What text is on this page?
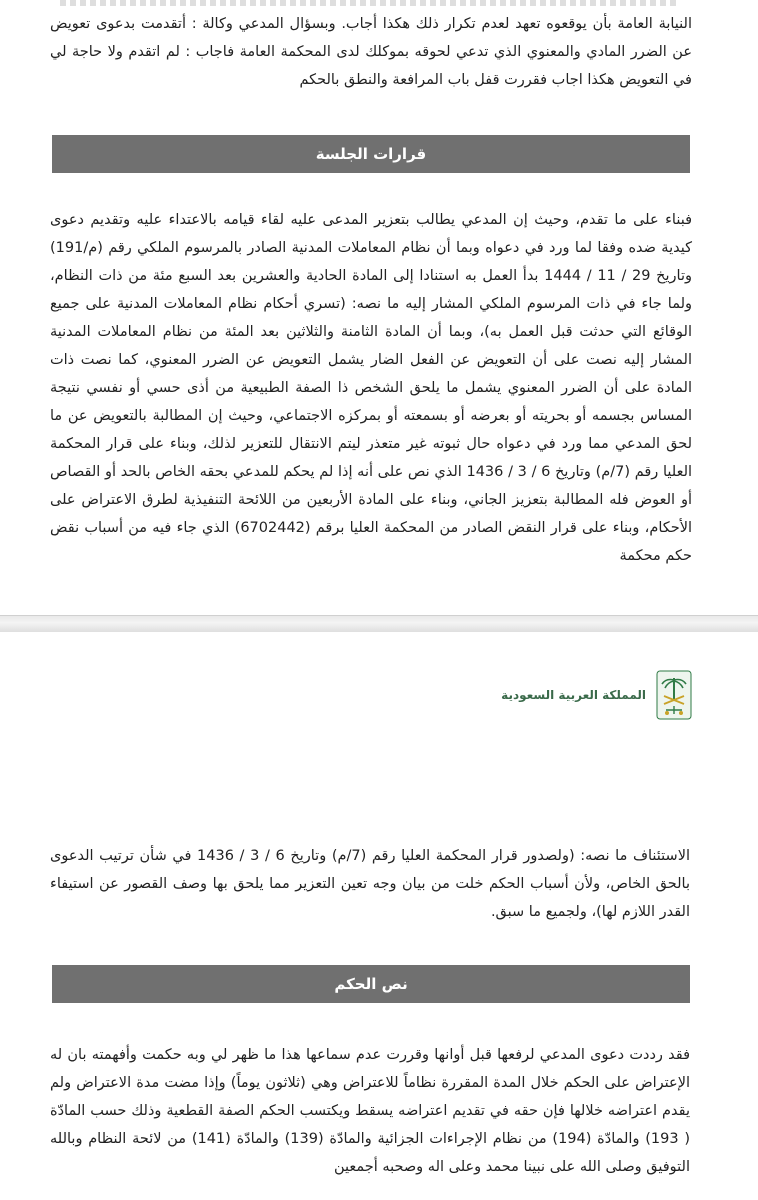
النيابة العامة بأن يوقعوه تعهد لعدم تكرار ذلك هكذا أجاب. وبسؤال المدعي وكالة : أتقدمت بدعوى تعويض عن الضرر المادي والمعنوي الذي تدعي لحوقه بموكلك لدى المحكمة العامة فاجاب : لم اتقدم ولا حاجة لي في التعويض هكذا اجاب فقررت قفل باب المرافعة والنطق بالحكم

قرارات الجلسة

فبناء على ما تقدم، وحيث إن المدعي يطالب بتعزير المدعى عليه لقاء قيامه بالاعتداء عليه وتقديم دعوى كيدية ضده وفقا لما ورد في دعواه وبما أن نظام المعاملات المدنية الصادر بالمرسوم الملكي رقم (م/191) وتاريخ 29 / 11 / 1444 بدأ العمل به استنادا إلى المادة الحادية والعشرين بعد السبع مئة من ذات النظام، ولما جاء في ذات المرسوم الملكي المشار إليه ما نصه: (تسري أحكام نظام المعاملات المدنية على جميع الوقائع التي حدثت قبل العمل به)، وبما أن المادة الثامنة والثلاثين بعد المئة من نظام المعاملات المدنية المشار إليه نصت على أن التعويض عن الفعل الضار يشمل التعويض عن الضرر المعنوي، كما نصت ذات المادة على أن الضرر المعنوي يشمل ما يلحق الشخص ذا الصفة الطبيعية من أذى حسي أو نفسي نتيجة المساس بجسمه أو بحريته أو بعرضه أو بسمعته أو بمركزه الاجتماعي، وحيث إن المطالبة بالتعويض عن ما لحق المدعي مما ورد في دعواه حال ثبوته غير متعذر ليتم الانتقال للتعزير لذلك، وبناء على قرار المحكمة العليا رقم (7/م) وتاريخ 6 / 3 / 1436 الذي نص على أنه إذا لم يحكم للمدعي بحقه الخاص بالحد أو القصاص أو العوض فله المطالبة بتعزيز الجاني، وبناء على المادة الأربعين من اللائحة التنفيذية لطرق الاعتراض على الأحكام، وبناء على قرار النقض الصادر من المحكمة العليا برقم (6702442) الذي جاء فيه من أسباب نقض حكم محكمة

المملكة العربية السعودية

الاستئناف ما نصه: (ولصدور قرار المحكمة العليا رقم (7/م) وتاريخ 6 / 3 / 1436 في شأن ترتيب الدعوى بالحق الخاص، ولأن أسباب الحكم خلت من بيان وجه تعين التعزير مما يلحق بها وصف القصور عن استيفاء القدر اللازم لها)، ولجميع ما سبق.

نص الحكم

فقد رددت دعوى المدعي لرفعها قبل أوانها وقررت عدم سماعها هذا ما ظهر لي وبه حكمت وأفهمته بان له الإعتراض على الحكم خلال المدة المقررة نظاماً للاعتراض وهي (ثلاثون يوماً) وإذا مضت مدة الاعتراض ولم يقدم اعتراضه خلالها فإن حقه في تقديم اعتراضه يسقط ويكتسب الحكم الصفة القطعية وذلك حسب المادّة ( 193) والمادّة (194) من نظام الإجراءات الجزائية والمادّة (139) والمادّة (141) من لائحة النظام وبالله التوفيق وصلى الله على نبينا محمد وعلى اله وصحبه أجمعين
